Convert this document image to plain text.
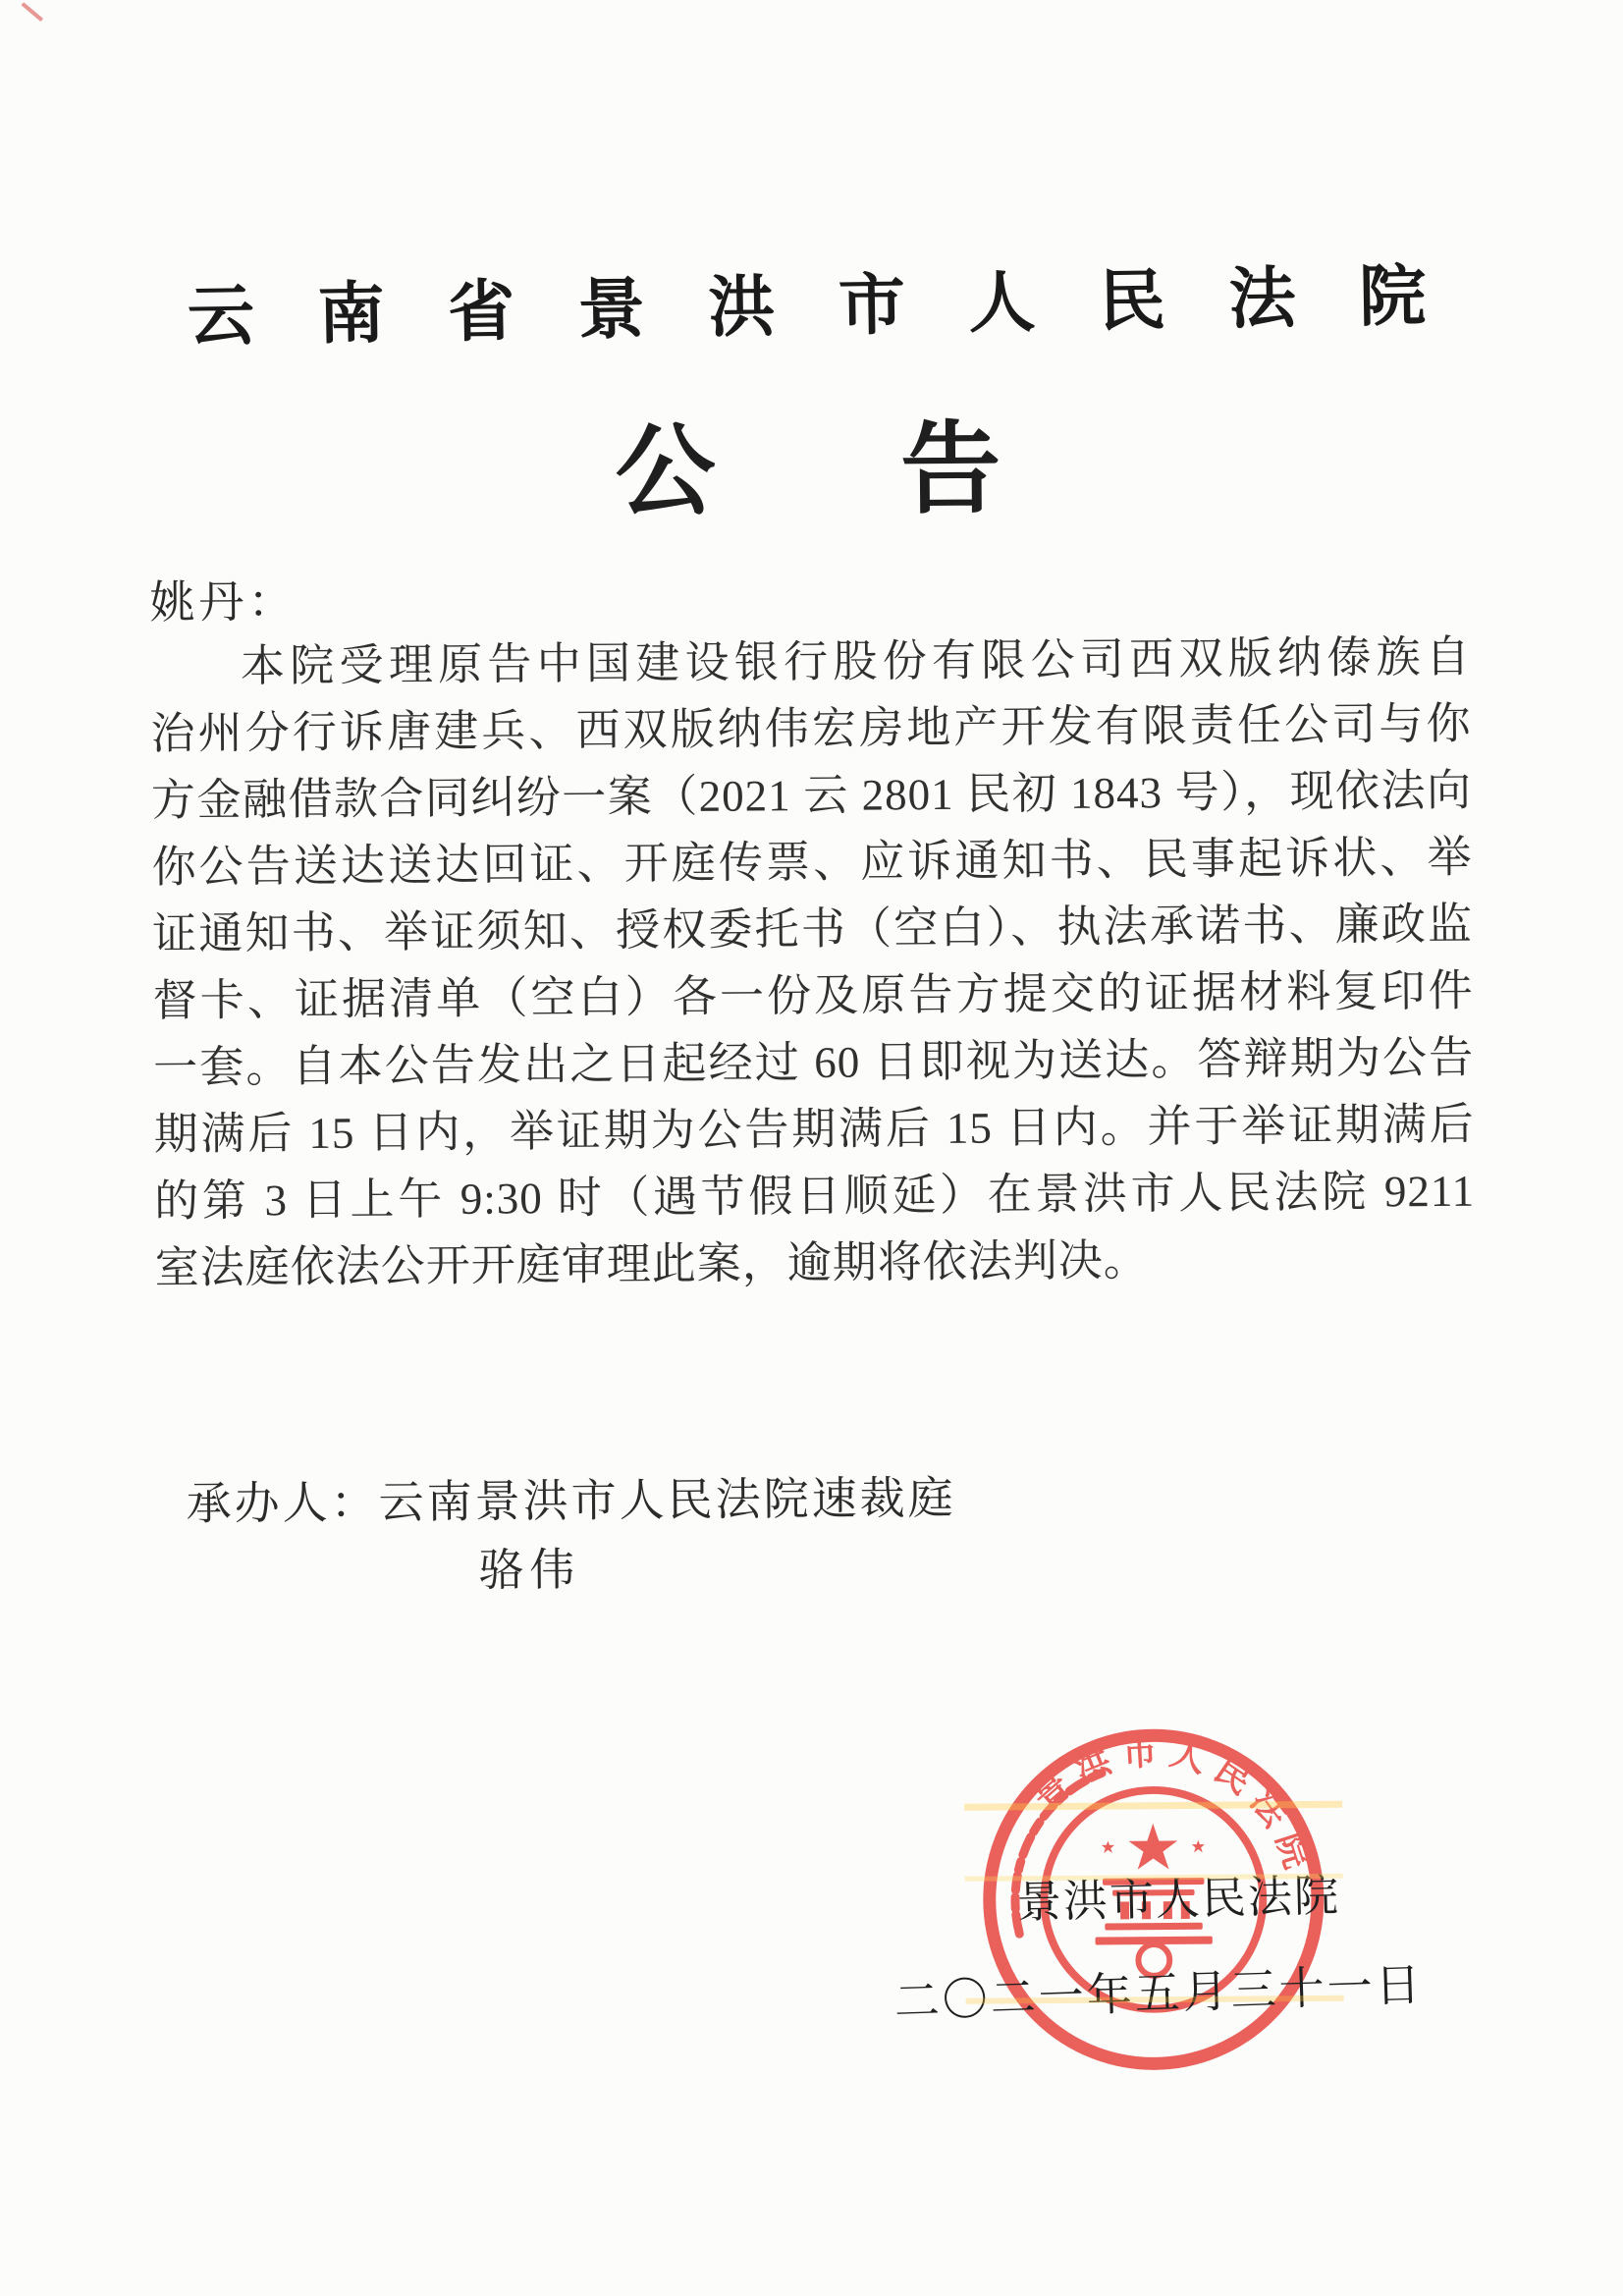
云南省景洪市人民法院
公告
姚丹：
本院受理原告中国建设银行股份有限公司西双版纳傣族自
治州分行诉唐建兵、西双版纳伟宏房地产开发有限责任公司与你
方金融借款合同纠纷一案（2021 云 2801 民初 1843 号），现依法向
你公告送达送达回证、开庭传票、应诉通知书、民事起诉状、举
证通知书、举证须知、授权委托书（空白）、执法承诺书、廉政监
督卡、证据清单（空白）各一份及原告方提交的证据材料复印件
一套。自本公告发出之日起经过 60 日即视为送达。答辩期为公告
期满后 15 日内，举证期为公告期满后 15 日内。并于举证期满后
的第 3 日上午 9:30 时（遇节假日顺延）在景洪市人民法院 9211
室法庭依法公开开庭审理此案，逾期将依法判决。
承办人：云南景洪市人民法院速裁庭
骆伟
景洪市人民法院
景洪市人民法院
二〇二一年五月三十一日
